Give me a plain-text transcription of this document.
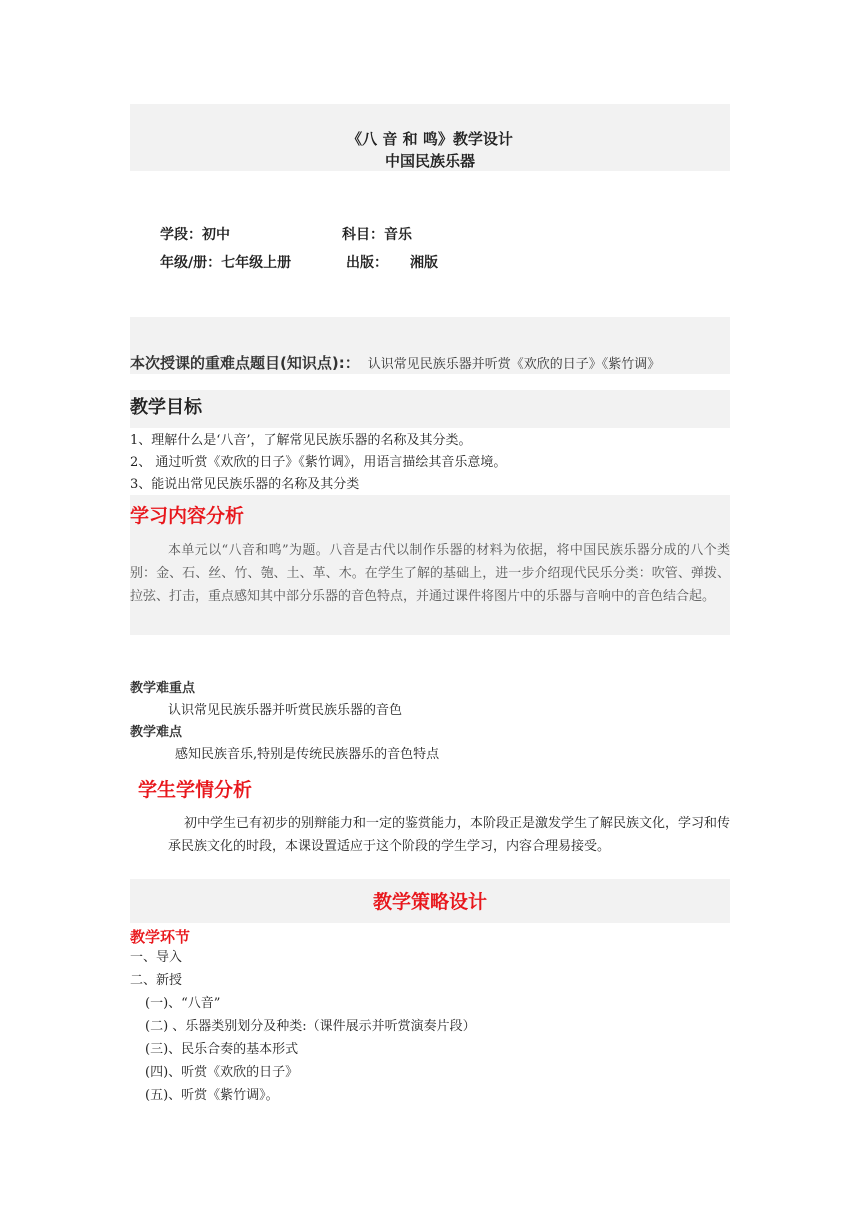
《八 音 和 鸣》教学设计
中国民族乐器
学段：初中	科目：音乐
年级/册：七年级上册	出版： 湘版
本次授课的重难点题目(知识点):： 认识常见民族乐器并听赏《欢欣的日子》《紫竹调》
教学目标
1、理解什么是‘八音’，了解常见民族乐器的名称及其分类。
2、 通过听赏《欢欣的日子》《紫竹调》，用语言描绘其音乐意境。
3、能说出常见民族乐器的名称及其分类
学习内容分析
本单元以“八音和鸣”为题。八音是古代以制作乐器的材料为依据，将中国民族乐器分成的八个类别：金、石、丝、竹、匏、土、革、木。在学生了解的基础上，进一步介绍现代民乐分类：吹管、弹拨、拉弦、打击，重点感知其中部分乐器的音色特点，并通过课件将图片中的乐器与音响中的音色结合起。
教学难重点
认识常见民族乐器并听赏民族乐器的音色
教学难点
感知民族音乐,特别是传统民族器乐的音色特点
学生学情分析
初中学生已有初步的别辩能力和一定的鉴赏能力，本阶段正是激发学生了解民族文化，学习和传承民族文化的时段，本课设置适应于这个阶段的学生学习，内容合理易接受。
教学策略设计
教学环节
一、导入
二、新授
(一)、“八音”
(二) 、乐器类别划分及种类:（课件展示并听赏演奏片段）
(三)、民乐合奏的基本形式
(四)、听赏《欢欣的日子》
(五)、听赏《紫竹调》。
